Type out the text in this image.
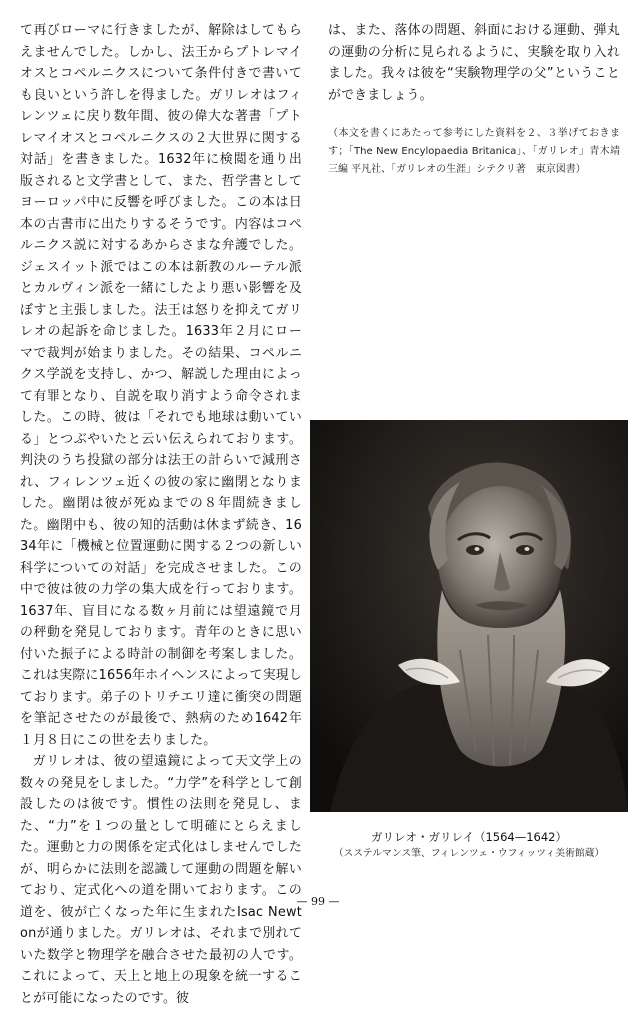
て再びローマに行きましたが、解除はしてもらえませんでした。しかし、法王からプトレマイオスとコペルニクスについて条件付きで書いても良いという許しを得ました。ガリレオはフィレンツェに戻り数年間、彼の偉大な著書「プトレマイオスとコペルニクスの２大世界に関する対話」を書きました。1632年に検閲を通り出版されると文学書として、また、哲学書としてヨーロッパ中に反響を呼びました。この本は日本の古書市に出たりするそうです。内容はコペルニクス説に対するあからさまな弁護でした。ジェスイット派ではこの本は新教のルーテル派とカルヴィン派を一緒にしたより悪い影響を及ぼすと主張しました。法王は怒りを抑えてガリレオの起訴を命じました。1633年２月にローマで裁判が始まりました。その結果、コペルニクス学説を支持し、かつ、解説した理由によって有罪となり、自説を取り消すよう命令されました。この時、彼は「それでも地球は動いている」とつぶやいたと云い伝えられております。判決のうち投獄の部分は法王の計らいで減刑され、フィレンツェ近くの彼の家に幽閉となりました。幽閉は彼が死ぬまでの８年間続きました。幽閉中も、彼の知的活動は休まず続き、1634年に「機械と位置運動に関する２つの新しい科学についての対話」を完成させました。この中で彼は彼の力学の集大成を行っております。1637年、盲目になる数ヶ月前には望遠鏡で月の秤動を発見しております。青年のときに思い付いた振子による時計の制御を考案しました。これは実際に1656年ホイヘンスによって実現しております。弟子のトリチエリ達に衝突の問題を筆記させたのが最後で、熱病のため1642年１月８日にこの世を去りました。

ガリレオは、彼の望遠鏡によって天文学上の数々の発見をしました。“力学”を科学として創設したのは彼です。慣性の法則を発見し、また、“力”を１つの量として明確にとらえました。運動と力の関係を定式化はしませんでしたが、明らかに法則を認識して運動の問題を解いており、定式化への道を開いております。この道を、彼が亡くなった年に生まれたIsac Newtonが通りました。ガリレオは、それまで別れていた数学と物理学を融合させた最初の人です。これによって、天上と地上の現象を統一することが可能になったのです。彼

は、また、落体の問題、斜面における運動、弾丸の運動の分析に見られるように、実験を取り入れました。我々は彼を“実験物理学の父”ということができましょう。

（本文を書くにあたって参考にした資料を２、３挙げておきます；「The New Encylopaedia Britanica」、「ガリレオ」青木靖三編 平凡社、「ガリレオの生涯」シテクリ著　東京図書）

ガリレオ・ガリレイ（1564—1642）
（スステルマンス筆、フィレンツェ・ウフィッツィ美術館蔵）
— 99 —
